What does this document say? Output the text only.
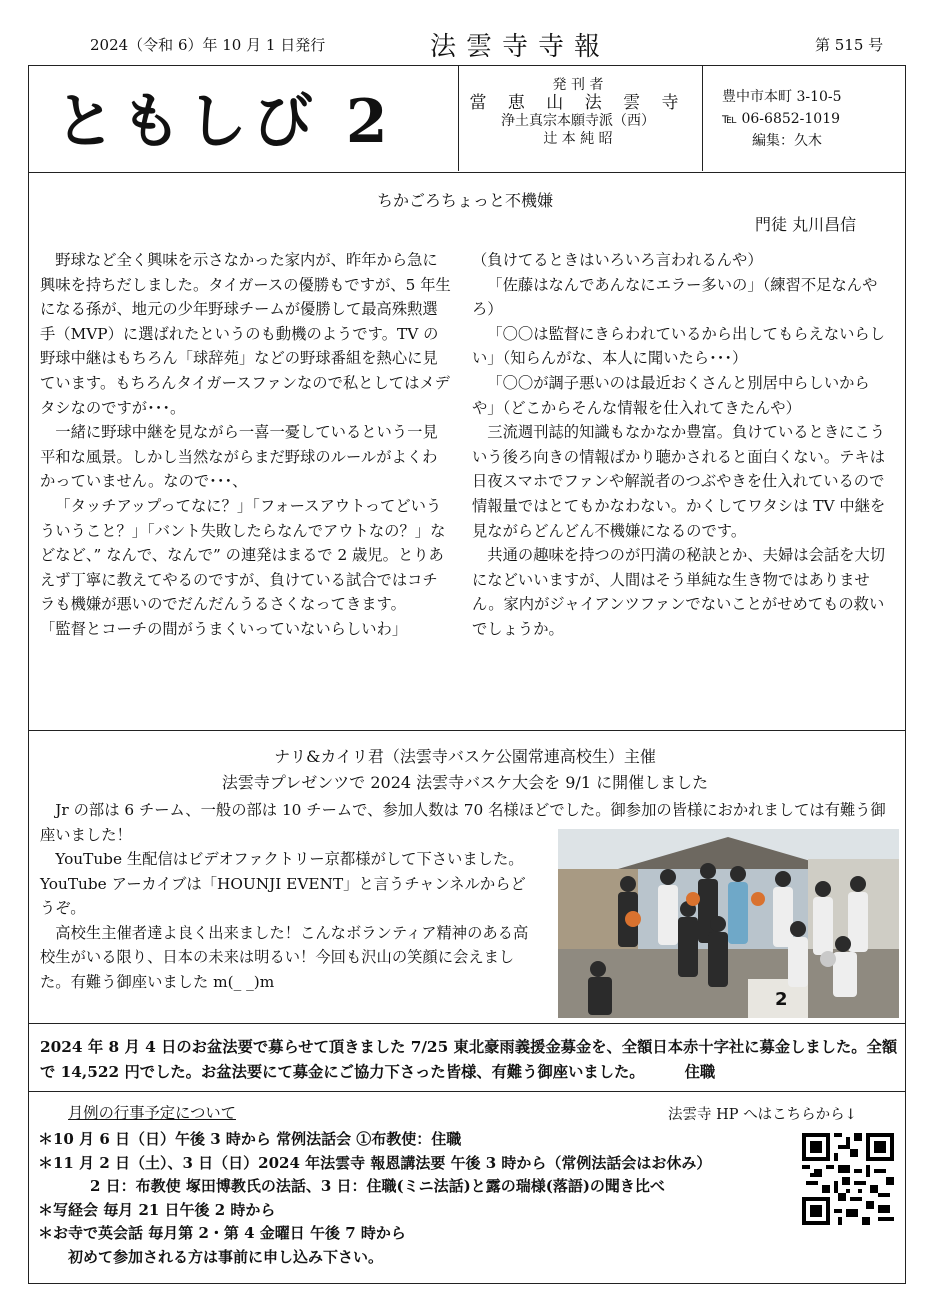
2024（令和 6）年 10 月 1 日発行	法雲寺寺報	第 515 号
ともしび 2
発 刊 者
當 恵 山 法 雲 寺
浄土真宗本願寺派（西）
辻 本 純 昭
豊中市本町 3-10-5
℡ 06-6852-1019
編集：久木
ちかごろちょっと不機嫌
門徒 丸川昌信

野球など全く興味を示さなかった家内が、昨年から急に興味を持ちだしました。タイガースの優勝もですが、5 年生になる孫が、地元の少年野球チームが優勝して最高殊勲選手（MVP）に選ばれたというのも動機のようです。TV の野球中継はもちろん「球辞苑」などの野球番組を熱心に見ています。もちろんタイガースファンなので私としてはメデタシなのですが･･･。

一緒に野球中継を見ながら一喜一憂しているという一見平和な風景。しかし当然ながらまだ野球のルールがよくわかっていません。なので･･･、

「タッチアップってなに？」「フォースアウトってどいうういうこと？」「バント失敗したらなんでアウトなの？」などなど、” なんで、なんで” の連発はまるで 2 歳児。とりあえず丁寧に教えてやるのですが、負けている試合ではコチラも機嫌が悪いのでだんだんうるさくなってきます。

「監督とコーチの間がうまくいっていないらしいわ」

（負けてるときはいろいろ言われるんや）

「佐藤はなんであんなにエラー多いの」（練習不足なんやろ）

「〇〇は監督にきらわれているから出してもらえないらしい」（知らんがな、本人に聞いたら･･･）

「〇〇が調子悪いのは最近おくさんと別居中らしいからや」（どこからそんな情報を仕入れてきたんや）

三流週刊誌的知識もなかなか豊富。負けているときにこういう後ろ向きの情報ばかり聴かされると面白くない。テキは日夜スマホでファンや解説者のつぶやきを仕入れているので情報量ではとてもかなわない。かくしてワタシは TV 中継を見ながらどんどん不機嫌になるのです。

共通の趣味を持つのが円満の秘訣とか、夫婦は会話を大切になどいいますが、人間はそう単純な生き物ではありません。家内がジャイアンツファンでないことがせめてもの救いでしょうか。

ナリ&カイリ君（法雲寺バスケ公園常連高校生）主催
法雲寺プレゼンツで 2024 法雲寺バスケ大会を 9/1 に開催しました

Jr の部は 6 チーム、一般の部は 10 チームで、参加人数は 70 名様ほどでした。御参加の皆様におかれましては有難う御座いました！

YouTube 生配信はビデオファクトリー京都様がして下さいました。YouTube アーカイブは「HOUNJI EVENT」と言うチャンネルからどうぞ。

高校生主催者達よ良く出来ました！こんなボランティア精神のある高校生がいる限り、日本の未来は明るい！今回も沢山の笑顔に会えました。有難う御座いました m(_ _)m

2
2024 年 8 月 4 日のお盆法要で募らせて頂きました 7/25 東北豪雨義援金募金を、全額日本赤十字社に募金しました。全額で 14,522 円でした。お盆法要にて募金にご協力下さった皆様、有難う御座いました。	住職
月例の行事予定について	法雲寺 HP へはこちらから↓
＊10 月 6 日（日）午後 3 時から 常例法話会 ①布教使：住職
＊11 月 2 日（土）、3 日（日）2024 年法雲寺 報恩講法要 午後 3 時から（常例法話会はお休み）
2 日：布教使 塚田博教氏の法話、3 日：住職(ミニ法話)と露の瑞様(落語)の聞き比べ
＊写経会 毎月 21 日午後 2 時から
＊お寺で英会話 毎月第 2・第 4 金曜日 午後 7 時から
初めて参加される方は事前に申し込み下さい。
